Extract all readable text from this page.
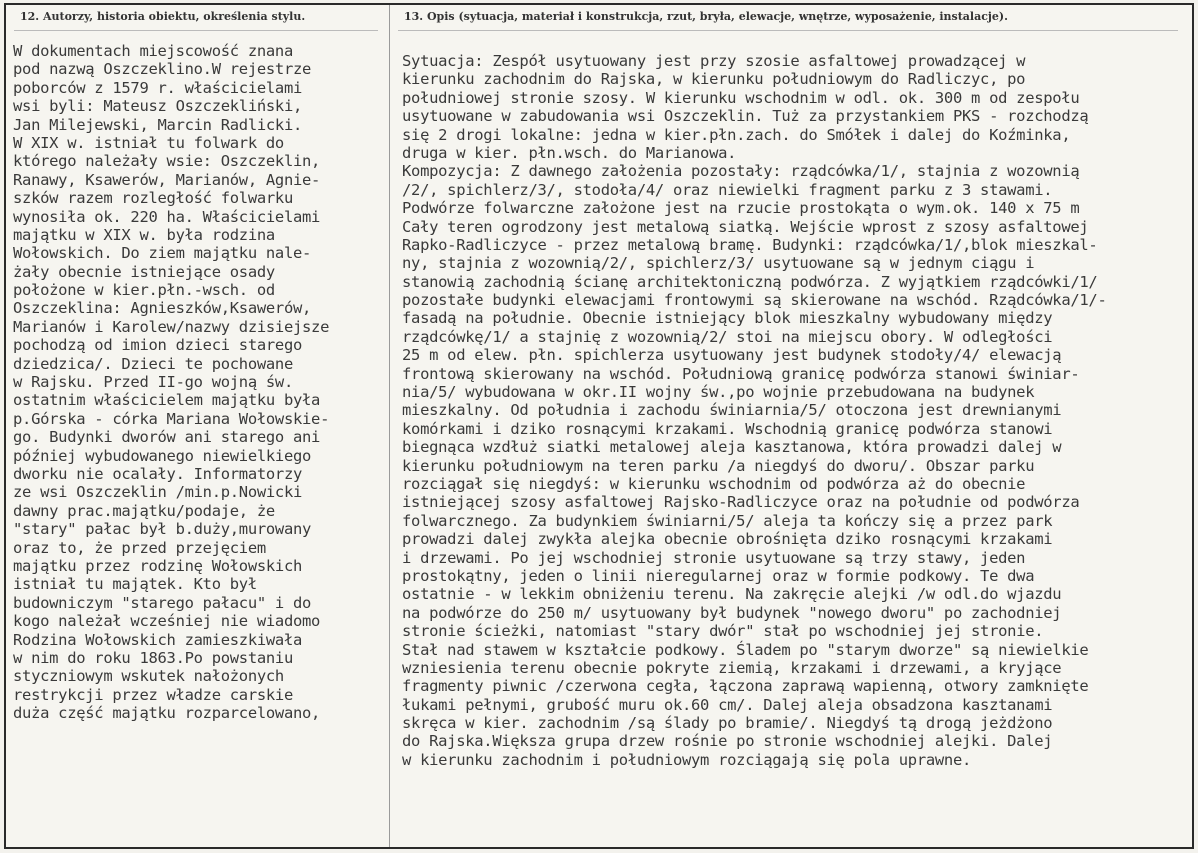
12. Autorzy, historia obiektu, określenia stylu.	13. Opis (sytuacja, materiał i konstrukcja, rzut, bryła, elewacje, wnętrze, wyposażenie, instalacje).
W dokumentach miejscowość znana
pod nazwą Oszczeklino.W rejestrze
poborców z 1579 r. właścicielami
wsi byli: Mateusz Oszczekliński,
Jan Milejewski, Marcin Radlicki.
W XIX w. istniał tu folwark do
którego należały wsie: Oszczeklin,
Ranawy, Ksawerów, Marianów, Agnie-
szków razem rozległość folwarku
wynosiła ok. 220 ha. Właścicielami
majątku w XIX w. była rodzina
Wołowskich. Do ziem majątku nale-
żały obecnie istniejące osady
położone w kier.płn.-wsch. od
Oszczeklina: Agnieszków,Ksawerów,
Marianów i Karolew/nazwy dzisiejsze
pochodzą od imion dzieci starego
dziedzica/. Dzieci te pochowane
w Rajsku. Przed II-go wojną św.
ostatnim właścicielem majątku była
p.Górska - córka Mariana Wołowskie-
go. Budynki dworów ani starego ani
później wybudowanego niewielkiego
dworku nie ocalały. Informatorzy
ze wsi Oszczeklin /min.p.Nowicki
dawny prac.majątku/podaje, że
"stary" pałac był b.duży,murowany
oraz to, że przed przejęciem
majątku przez rodzinę Wołowskich
istniał tu majątek. Kto był
budowniczym "starego pałacu" i do
kogo należał wcześniej nie wiadomo
Rodzina Wołowskich zamieszkiwała
w nim do roku 1863.Po powstaniu
styczniowym wskutek nałożonych
restrykcji przez władze carskie
duża część majątku rozparcelowano,
Sytuacja: Zespół usytuowany jest przy szosie asfaltowej prowadzącej w
kierunku zachodnim do Rajska, w kierunku południowym do Radliczyc, po
południowej stronie szosy. W kierunku wschodnim w odl. ok. 300 m od zespołu
usytuowane w zabudowania wsi Oszczeklin. Tuż za przystankiem PKS - rozchodzą
się 2 drogi lokalne: jedna w kier.płn.zach. do Smółek i dalej do Koźminka,
druga w kier. płn.wsch. do Marianowa.
Kompozycja: Z dawnego założenia pozostały: rządcówka/1/, stajnia z wozownią
/2/, spichlerz/3/, stodoła/4/ oraz niewielki fragment parku z 3 stawami.
Podwórze folwarczne założone jest na rzucie prostokąta o wym.ok. 140 x 75 m
Cały teren ogrodzony jest metalową siatką. Wejście wprost z szosy asfaltowej
Rapko-Radliczyce - przez metalową bramę. Budynki: rządcówka/1/,blok mieszkal-
ny, stajnia z wozownią/2/, spichlerz/3/ usytuowane są w jednym ciągu i
stanowią zachodnią ścianę architektoniczną podwórza. Z wyjątkiem rządcówki/1/
pozostałe budynki elewacjami frontowymi są skierowane na wschód. Rządcówka/1/-
fasadą na południe. Obecnie istniejący blok mieszkalny wybudowany między
rządcówkę/1/ a stajnię z wozownią/2/ stoi na miejscu obory. W odległości
25 m od elew. płn. spichlerza usytuowany jest budynek stodoły/4/ elewacją
frontową skierowany na wschód. Południową granicę podwórza stanowi świniar-
nia/5/ wybudowana w okr.II wojny św.,po wojnie przebudowana na budynek
mieszkalny. Od południa i zachodu świniarnia/5/ otoczona jest drewnianymi
komórkami i dziko rosnącymi krzakami. Wschodnią granicę podwórza stanowi
biegnąca wzdłuż siatki metalowej aleja kasztanowa, która prowadzi dalej w
kierunku południowym na teren parku /a niegdyś do dworu/. Obszar parku
rozciągał się niegdyś: w kierunku wschodnim od podwórza aż do obecnie
istniejącej szosy asfaltowej Rajsko-Radliczyce oraz na południe od podwórza
folwarcznego. Za budynkiem świniarni/5/ aleja ta kończy się a przez park
prowadzi dalej zwykła alejka obecnie obrośnięta dziko rosnącymi krzakami
i drzewami. Po jej wschodniej stronie usytuowane są trzy stawy, jeden
prostokątny, jeden o linii nieregularnej oraz w formie podkowy. Te dwa
ostatnie - w lekkim obniżeniu terenu. Na zakręcie alejki /w odl.do wjazdu
na podwórze do 250 m/ usytuowany był budynek "nowego dworu" po zachodniej
stronie ścieżki, natomiast "stary dwór" stał po wschodniej jej stronie.
Stał nad stawem w kształcie podkowy. Śladem po "starym dworze" są niewielkie
wzniesienia terenu obecnie pokryte ziemią, krzakami i drzewami, a kryjące
fragmenty piwnic /czerwona cegła, łączona zaprawą wapienną, otwory zamknięte
łukami pełnymi, grubość muru ok.60 cm/. Dalej aleja obsadzona kasztanami
skręca w kier. zachodnim /są ślady po bramie/. Niegdyś tą drogą jeżdżono
do Rajska.Większa grupa drzew rośnie po stronie wschodniej alejki. Dalej
w kierunku zachodnim i południowym rozciągają się pola uprawne.
